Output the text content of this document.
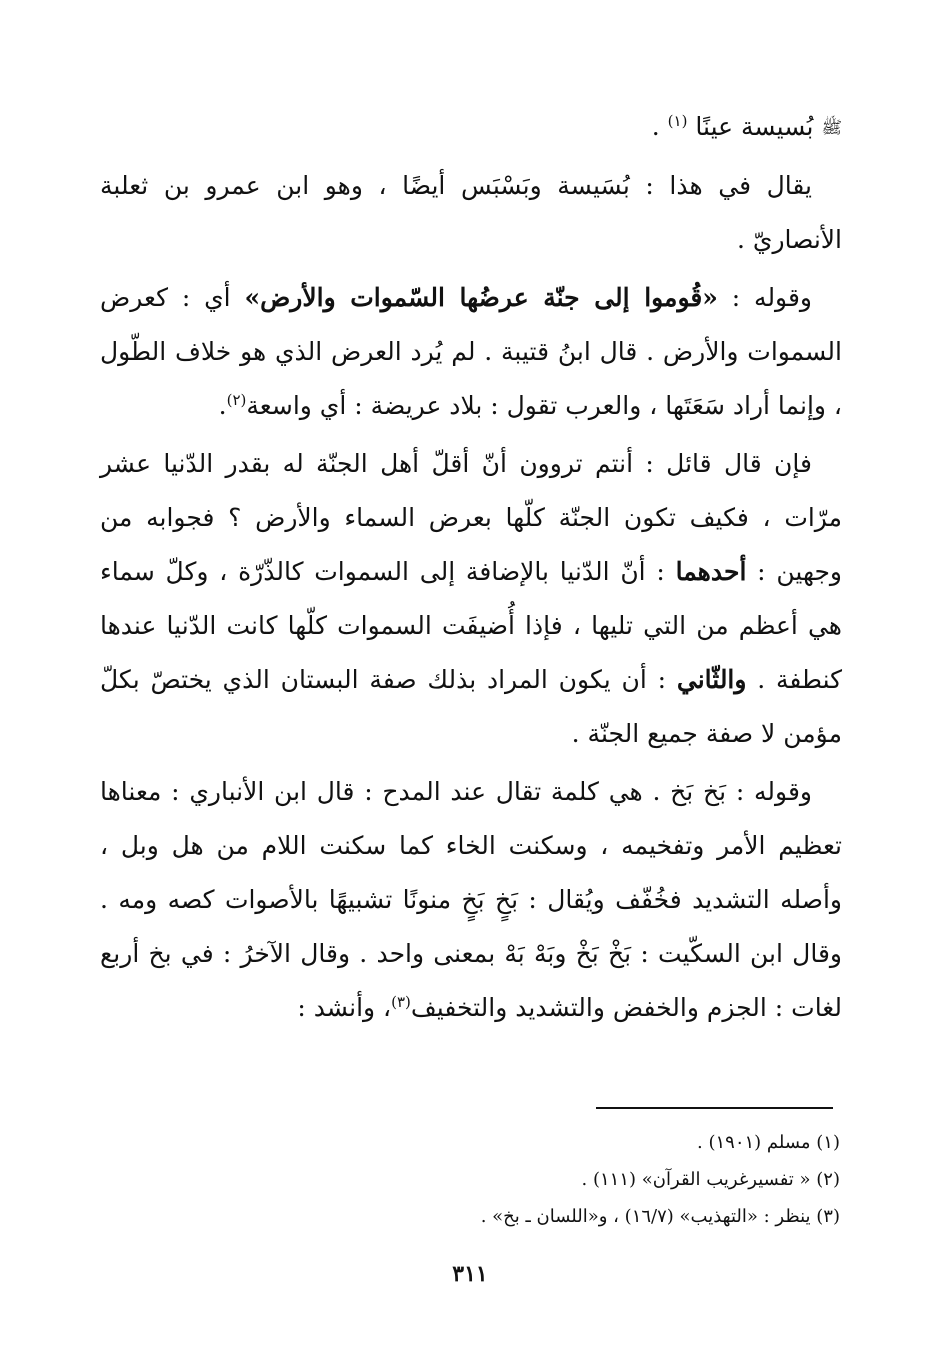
ﷺ بُسيسة عينًا $^{(١)}$ .

يقال في هذا : بُسَيسة وبَسْبَس أيضًا ، وهو ابن عمرو بن ثعلبة الأنصاريّ .

وقوله : «قُوموا إلى جنّة عرضُها السّموات والأرض» أي : كعرض السموات والأرض . قال ابنُ قتيبة . لم يُرد العرض الذي هو خلاف الطّول ، وإنما أراد سَعَتَها ، والعرب تقول : بلاد عريضة : أي واسعة$^{(٢)}$.

فإن قال قائل : أنتم تروون أنّ أقلّ أهل الجنّة له بقدر الدّنيا عشر مرّات ، فكيف تكون الجنّة كلّها بعرض السماء والأرض ؟ فجوابه من وجهين : أحدهما : أنّ الدّنيا بالإضافة إلى السموات كالذّرّة ، وكلّ سماء هي أعظم من التي تليها ، فإذا أُضيفَت السموات كلّها كانت الدّنيا عندها كنطفة . والثّاني : أن يكون المراد بذلك صفة البستان الذي يختصّ بكلّ مؤمن لا صفة جميع الجنّة .

وقوله : بَخ بَخ . هي كلمة تقال عند المدح : قال ابن الأنباري : معناها تعظيم الأمر وتفخيمه ، وسكنت الخاء كما سكنت اللام من هل وبل ، وأصله التشديد فخُفّف ويُقال : بَخٍ بَخٍ منونًا تشبيهًا بالأصوات كصه ومه . وقال ابن السكّيت : بَخْ بَخْ وبَهْ بَهْ بمعنى واحد . وقال الآخرُ : في بخ أربع لغات : الجزم والخفض والتشديد والتخفيف$^{(٣)}$، وأنشد :

(١) مسلم (١٩٠١) .

(٢) « تفسيرغريب القرآن» (١١١) .

(٣) ينظر : «التهذيب» (١٦/٧) ، و«اللسان ـ بخ» .

٣١١
